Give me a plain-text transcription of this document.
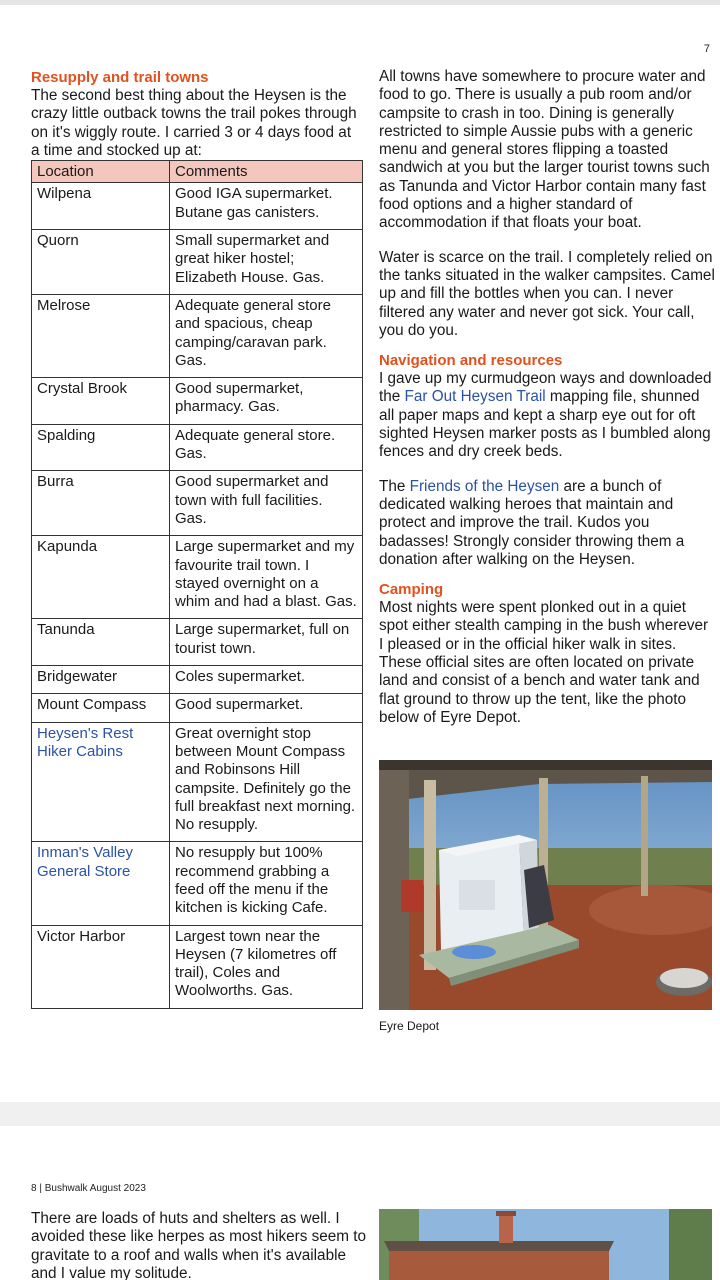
7
Resupply and trail towns

The second best thing about the Heysen is the crazy little outback towns the trail pokes through on it's wiggly route. I carried 3 or 4 days food at a time and stocked up at:

Location	Comments
Wilpena	Good IGA supermarket. Butane gas canisters.
Quorn	Small supermarket and great hiker hostel; Elizabeth House. Gas.
Melrose	Adequate general store and spacious, cheap camping/caravan park. Gas.
Crystal Brook	Good supermarket, pharmacy. Gas.
Spalding	Adequate general store. Gas.
Burra	Good supermarket and town with full facilities. Gas.
Kapunda	Large supermarket and my favourite trail town. I stayed overnight on a whim and had a blast. Gas.
Tanunda	Large supermarket, full on tourist town.
Bridgewater	Coles supermarket.
Mount Compass	Good supermarket.
Heysen's Rest Hiker Cabins	Great overnight stop between Mount Compass and Robinsons Hill campsite. Definitely go the full breakfast next morning. No resupply.
Inman's Valley General Store	No resupply but 100% recommend grabbing a feed off the menu if the kitchen is kicking Cafe.
Victor Harbor	Largest town near the Heysen (7 kilometres off trail), Coles and Woolworths. Gas.

All towns have somewhere to procure water and food to go. There is usually a pub room and/or campsite to crash in too. Dining is generally restricted to simple Aussie pubs with a generic menu and general stores flipping a toasted sandwich at you but the larger tourist towns such as Tanunda and Victor Harbor contain many fast food options and a higher standard of accommodation if that floats your boat.

Water is scarce on the trail. I completely relied on the tanks situated in the walker campsites. Camel up and fill the bottles when you can. I never filtered any water and never got sick. Your call, you do you.

Navigation and resources

I gave up my curmudgeon ways and downloaded the Far Out Heysen Trail mapping file, shunned all paper maps and kept a sharp eye out for oft sighted Heysen marker posts as I bumbled along fences and dry creek beds.

The Friends of the Heysen are a bunch of dedicated walking heroes that maintain and protect and improve the trail. Kudos you badasses! Strongly consider throwing them a donation after walking on the Heysen.

Camping

Most nights were spent plonked out in a quiet spot either stealth camping in the bush wherever I pleased or in the official hiker walk in sites. These official sites are often located on private land and consist of a bench and water tank and flat ground to throw up the tent, like the photo below of Eyre Depot.

Eyre Depot
8 | Bushwalk August 2023

There are loads of huts and shelters as well. I avoided these like herpes as most hikers seem to gravitate to a roof and walls when it's available and I value my solitude.
